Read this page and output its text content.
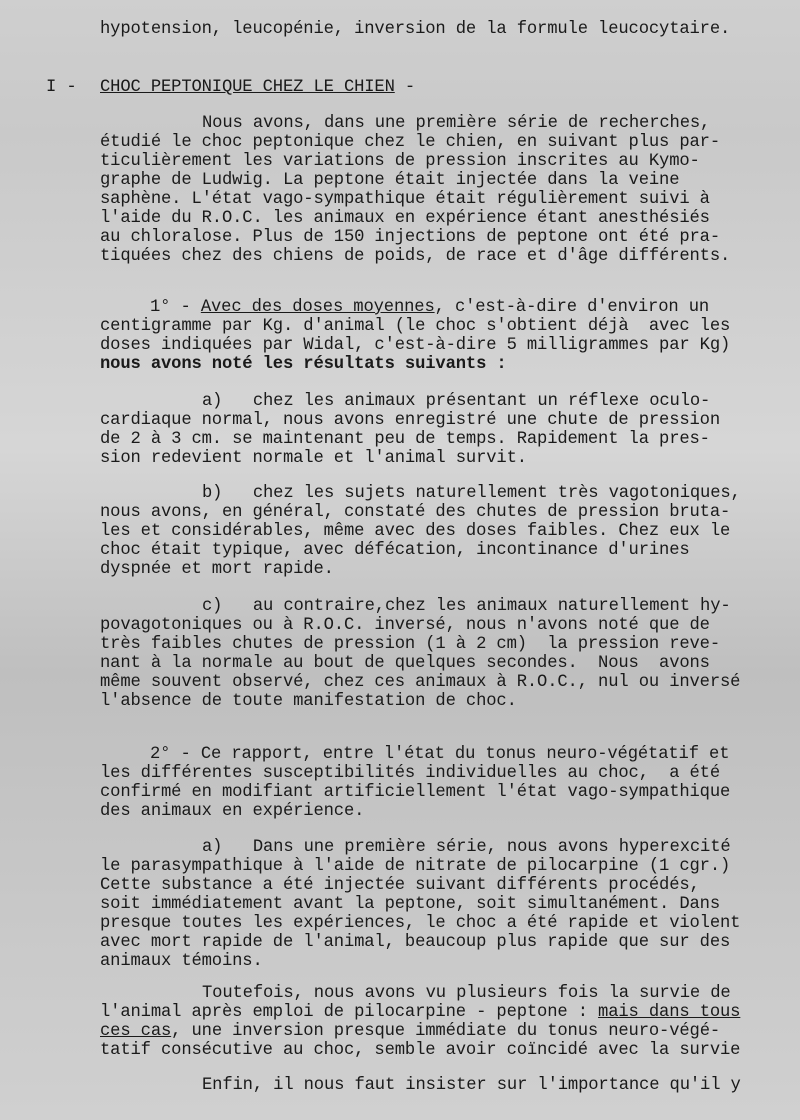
hypotension, leucopénie, inversion de la formule leucocytaire.
I - CHOC PEPTONIQUE CHEZ LE CHIEN -
Nous avons, dans une première série de recherches,
étudié le choc peptonique chez le chien, en suivant plus par-
ticulièrement les variations de pression inscrites au Kymo-
graphe de Ludwig. La peptone était injectée dans la veine
saphène. L'état vago-sympathique était régulièrement suivi à
l'aide du R.O.C. les animaux en expérience étant anesthésiés
au chloralose. Plus de 150 injections de peptone ont été pra-
tiquées chez des chiens de poids, de race et d'âge différents.
1° - Avec des doses moyennes, c'est-à-dire d'environ un
centigramme par Kg. d'animal (le choc s'obtient déjà  avec les
doses indiquées par Widal, c'est-à-dire 5 milligrammes par Kg)
nous avons noté les résultats suivants :
a)   chez les animaux présentant un réflexe oculo-
cardiaque normal, nous avons enregistré une chute de pression
de 2 à 3 cm. se maintenant peu de temps. Rapidement la pres-
sion redevient normale et l'animal survit.
b)   chez les sujets naturellement très vagotoniques,
nous avons, en général, constaté des chutes de pression bruta-
les et considérables, même avec des doses faibles. Chez eux le
choc était typique, avec défécation, incontinance d'urines
dyspnée et mort rapide.
c)   au contraire,chez les animaux naturellement hy-
povagotoniques ou à R.O.C. inversé, nous n'avons noté que de
très faibles chutes de pression (1 à 2 cm)  la pression reve-
nant à la normale au bout de quelques secondes.  Nous  avons
même souvent observé, chez ces animaux à R.O.C., nul ou inversé
l'absence de toute manifestation de choc.
2° - Ce rapport, entre l'état du tonus neuro-végétatif et
les différentes susceptibilités individuelles au choc,  a été
confirmé en modifiant artificiellement l'état vago-sympathique
des animaux en expérience.
a)   Dans une première série, nous avons hyperexcité
le parasympathique à l'aide de nitrate de pilocarpine (1 cgr.)
Cette substance a été injectée suivant différents procédés,
soit immédiatement avant la peptone, soit simultanément. Dans
presque toutes les expériences, le choc a été rapide et violent
avec mort rapide de l'animal, beaucoup plus rapide que sur des
animaux témoins.
Toutefois, nous avons vu plusieurs fois la survie de
l'animal après emploi de pilocarpine - peptone : mais dans tous
ces cas, une inversion presque immédiate du tonus neuro-végé-
tatif consécutive au choc, semble avoir coïncidé avec la survie
Enfin, il nous faut insister sur l'importance qu'il y
